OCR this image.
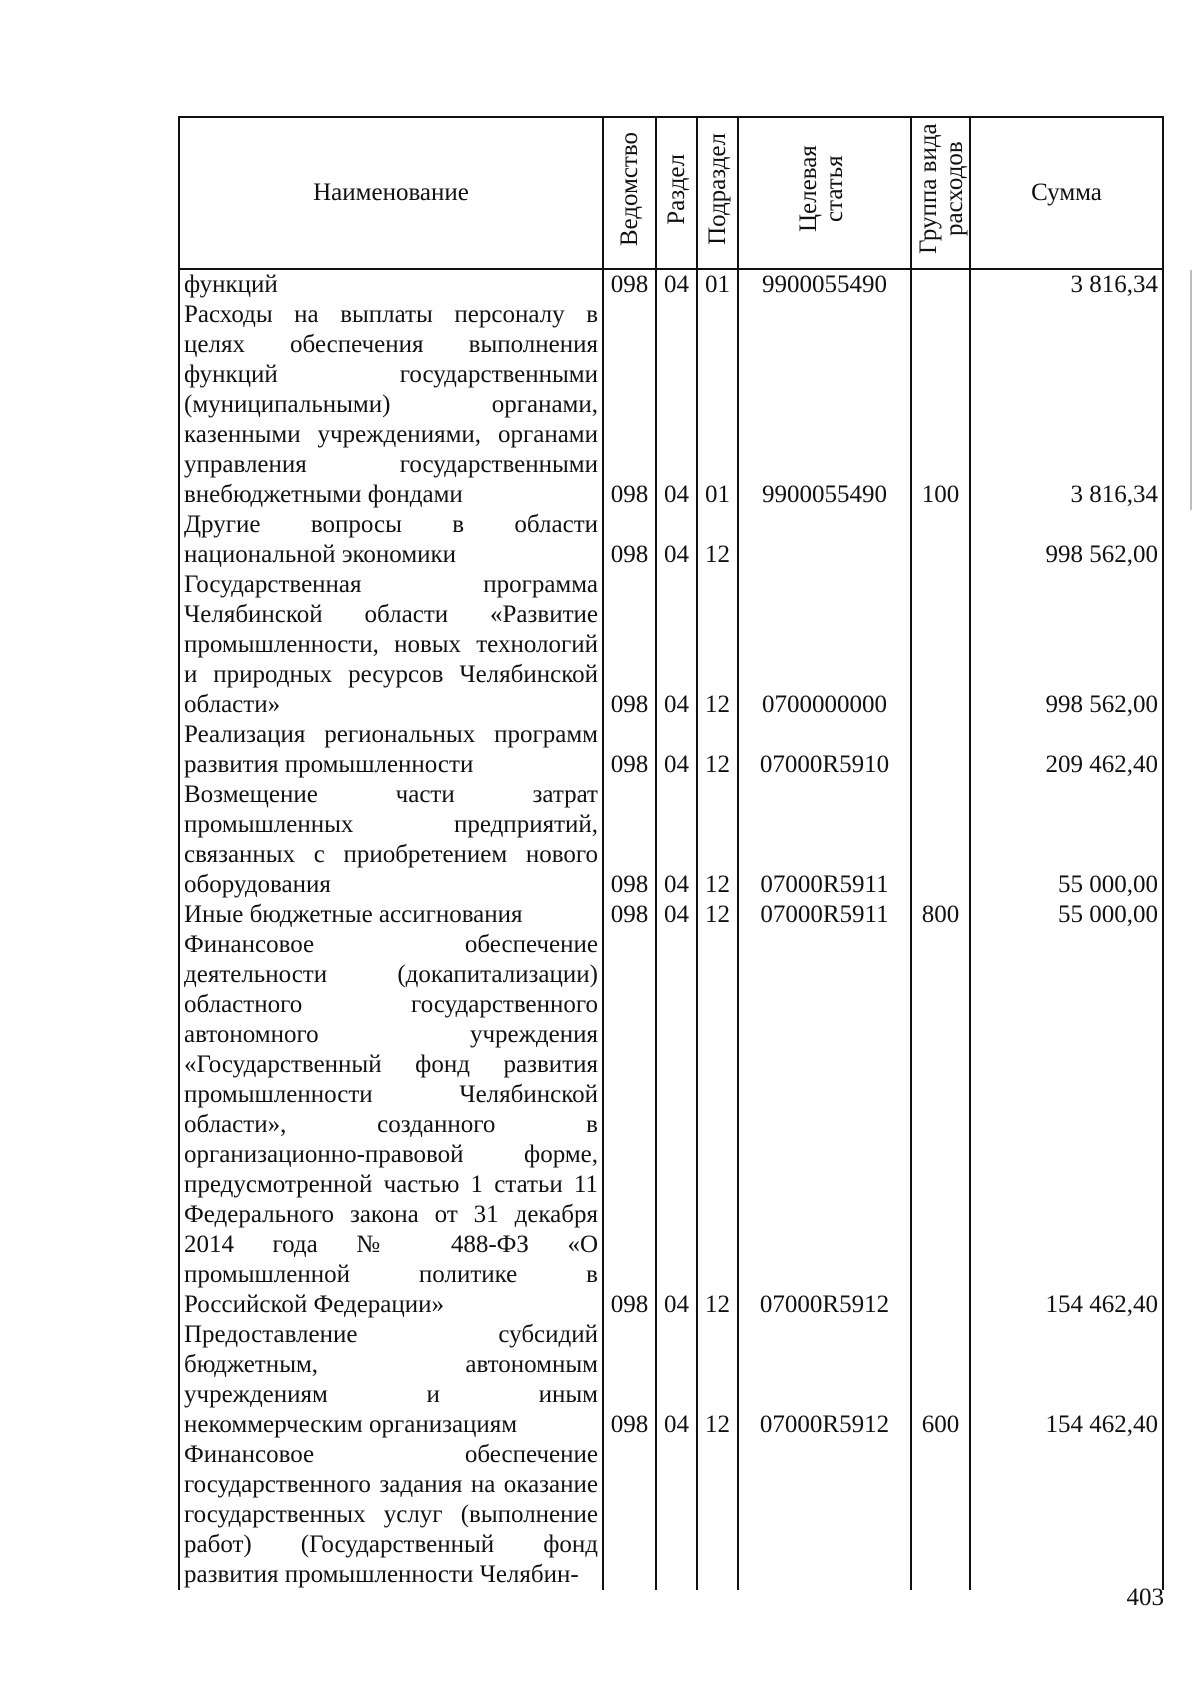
Наименование	Ведомство	Раздел	Подраздел	Целевая статья	Группа вида расходов	Сумма
функций	098	04	01	9900055490		3 816,34
Расходы на выплаты персоналу в целях обеспечения выполнения функций государственными (муниципальными) органами, казенными учреждениями, органами управления государственными внебюджетными фондами	098	04	01	9900055490	100	3 816,34
Другие вопросы в области национальной экономики	098	04	12			998 562,00
Государственная программа Челябинской области «Развитие промышленности, новых технологий и природных ресурсов Челябинской области»	098	04	12	0700000000		998 562,00
Реализация региональных программ развития промышленности	098	04	12	07000R5910		209 462,40
Возмещение части затрат промышленных предприятий, связанных с приобретением нового оборудования	098	04	12	07000R5911		55 000,00
Иные бюджетные ассигнования	098	04	12	07000R5911	800	55 000,00
Финансовое обеспечение деятельности (докапитализации) областного государственного автономного учреждения «Государственный фонд развития промышленности Челябинской области», созданного в организационно-правовой форме, предусмотренной частью 1 статьи 11 Федерального закона от 31 декабря 2014 года № 488-ФЗ «О промышленной политике в Российской Федерации»	098	04	12	07000R5912		154 462,40
Предоставление субсидий бюджетным, автономным учреждениям и иным некоммерческим организациям	098	04	12	07000R5912	600	154 462,40
Финансовое обеспечение государственного задания на оказание государственных услуг (выполнение работ) (Государственный фонд развития промышленности Челябин-						
403
